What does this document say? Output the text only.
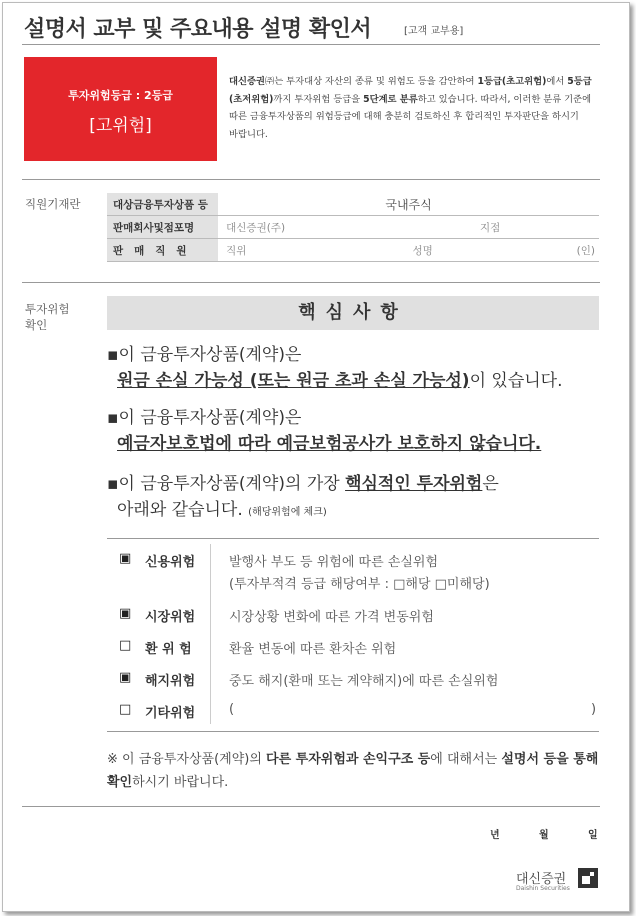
설명서 교부 및 주요내용 설명 확인서	[고객 교부용]
투자위험등급 : 2등급
[고위험]
대신증권㈜는 투자대상 자산의 종류 및 위험도 등을 감안하여 1등급(초고위험)에서 5등급(초저위험)까지 투자위험 등급을 5단계로 분류하고 있습니다. 따라서, 이러한 분류 기준에 따른 금융투자상품의 위험등급에 대해 충분히 검토하신 후 합리적인 투자판단을 하시기 바랍니다.
직원기재란	대상금융투자상품 등	국내주식		
판매회사및점포명	대신증권(주)		지점
판매직원	직위	성명	(인)
투자위험
확인
핵심사항
▪이 금융투자상품(계약)은
원금 손실 가능성 (또는 원금 초과 손실 가능성)이 있습니다.
▪이 금융투자상품(계약)은
예금자보호법에 따라 예금보험공사가 보호하지 않습니다.
▪이 금융투자상품(계약)의 가장 핵심적인 투자위험은
아래와 같습니다. (해당위험에 체크)
▣ 신용위험	발행사 부도 등 위험에 따른 손실위험
(투자부적격 등급 해당여부 : □해당 □미해당)
▣ 시장위험	시장상황 변화에 따른 가격 변동위험
□ 환 위 험	환율 변동에 따른 환차손 위험
▣ 해지위험	중도 해지(환매 또는 계약해지)에 따른 손실위험
□ 기타위험	(	)
※ 이 금융투자상품(계약)의 다른 투자위험과 손익구조 등에 대해서는 설명서 등을 통해 확인하시기 바랍니다.
년	월	일
대신증권
Daishin Securities
